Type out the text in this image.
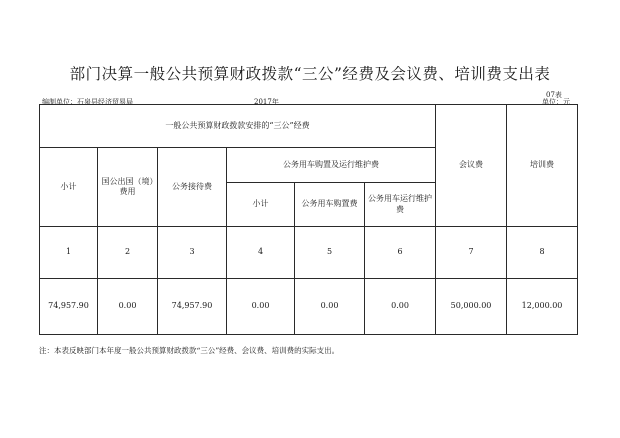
部门决算一般公共预算财政拨款“三公”经费及会议费、培训费支出表
07表
编制单位：石泉县经济贸易局	2017年	单位：元
一般公共预算财政拨款安排的“三公”经费						会议费	培训费
小计	国公出国（境）费用	公务接待费	公务用车购置及运行维护费				
			小计	公务用车购置费	公务用车运行维护费		
1	2	3	4	5	6	7	8
74,957.90	0.00	74,957.90	0.00	0.00	0.00	50,000.00	12,000.00
注：本表反映部门本年度一般公共预算财政拨款“三公”经费、会议费、培训费的实际支出。
